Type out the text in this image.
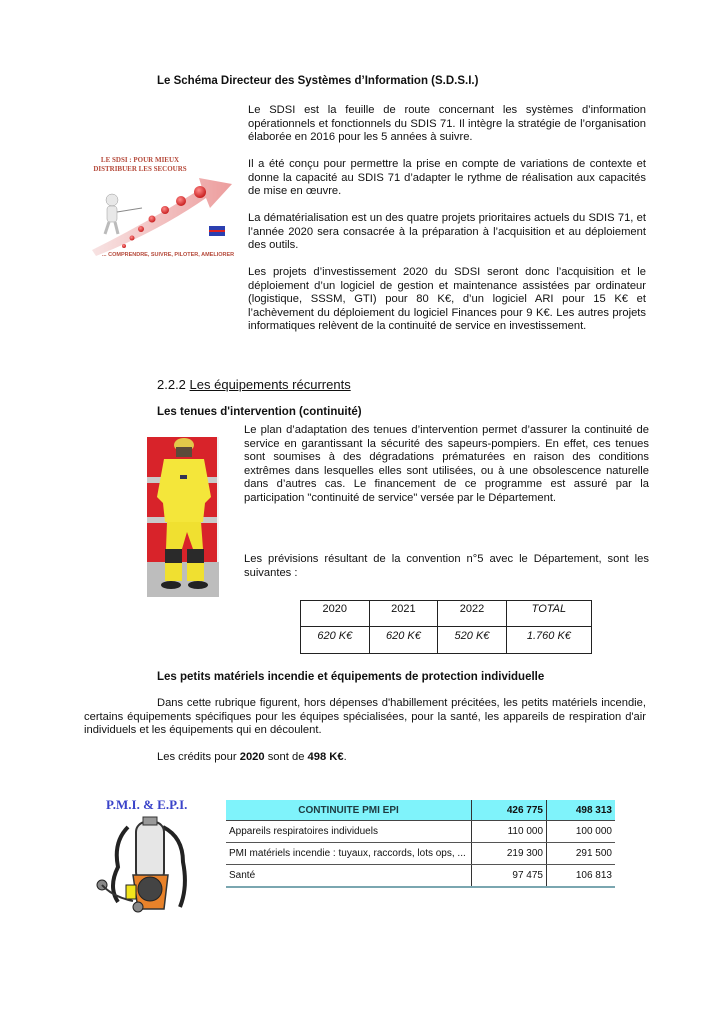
Le Schéma Directeur des Systèmes d’Information (S.D.S.I.)
LE SDSI : POUR MIEUX DISTRIBUER LES SECOURS
... COMPRENDRE, SUIVRE, PILOTER, AMELIORER

Le SDSI est la feuille de route concernant les systèmes d’information opérationnels et fonctionnels du SDIS 71. Il intègre la stratégie de l’organisation élaborée en 2016 pour les 5 années à suivre.

Il a été conçu pour permettre la prise en compte de variations de contexte et donne la capacité au SDIS 71 d’adapter le rythme de réalisation aux capacités de mise en œuvre.

La dématérialisation est un des quatre projets prioritaires actuels du SDIS 71, et l’année 2020 sera consacrée à la préparation à l’acquisition et au déploiement des outils.

Les projets d’investissement 2020 du SDSI seront donc l’acquisition et le déploiement d’un logiciel de gestion et maintenance assistées par ordinateur (logistique, SSSM, GTI) pour 80 K€, d’un logiciel ARI pour 15 K€ et l’achèvement du déploiement du logiciel Finances pour 9 K€. Les autres projets informatiques relèvent de la continuité de service en investissement.

2.2.2 Les équipements récurrents
Les tenues d'intervention (continuité)

Le plan d’adaptation des tenues d’intervention permet d’assurer la continuité de service en garantissant la sécurité des sapeurs-pompiers. En effet, ces tenues sont soumises à des dégradations prématurées en raison des conditions extrêmes dans lesquelles elles sont utilisées, ou à une obsolescence naturelle dans d’autres cas. Le financement de ce programme est assuré par la participation "continuité de service" versée par le Département.

Les prévisions résultant de la convention n°5 avec le Département, sont les suivantes :

2020	2021	2022	TOTAL
620 K€	620 K€	520 K€	1.760 K€
Les petits matériels incendie et équipements de protection individuelle

Dans cette rubrique figurent, hors dépenses d'habillement précitées, les petits matériels incendie, certains équipements spécifiques pour les équipes spécialisées, pour la santé, les appareils de respiration d'air individuels et les équipements qui en découlent.

Les crédits pour 2020 sont de 498 K€.

P.M.I. & E.P.I.	CONTINUITE PMI EPI	426 775	498 313
Appareils respiratoires individuels	110 000	100 000
PMI matériels incendie : tuyaux, raccords, lots ops, ...	219 300	291 500
Santé	97 475	106 813
